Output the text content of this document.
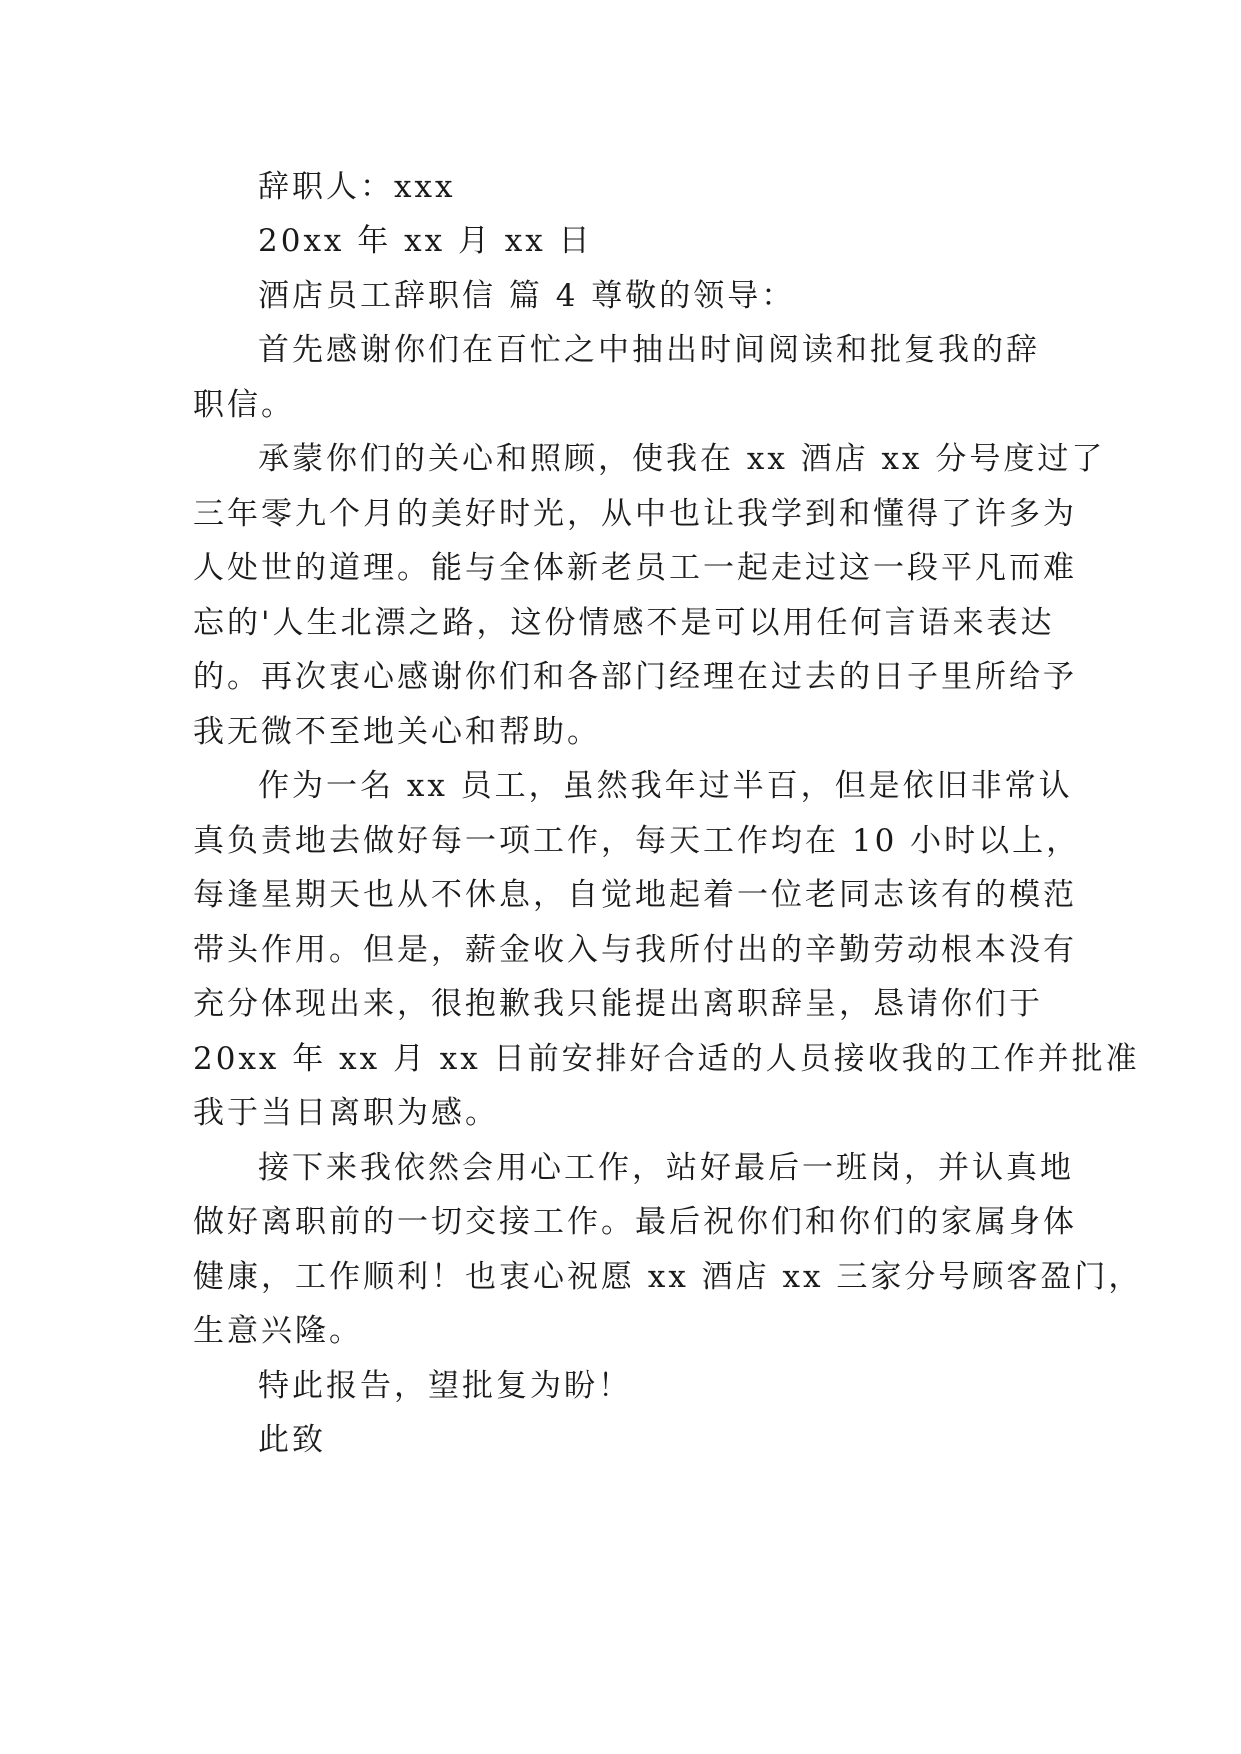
辞职人：xxx
20xx 年 xx 月 xx 日
酒店员工辞职信 篇 4 尊敬的领导：
首先感谢你们在百忙之中抽出时间阅读和批复我的辞
职信。
承蒙你们的关心和照顾，使我在 xx 酒店 xx 分号度过了
三年零九个月的美好时光，从中也让我学到和懂得了许多为
人处世的道理。能与全体新老员工一起走过这一段平凡而难
忘的'人生北漂之路，这份情感不是可以用任何言语来表达
的。再次衷心感谢你们和各部门经理在过去的日子里所给予
我无微不至地关心和帮助。
作为一名 xx 员工，虽然我年过半百，但是依旧非常认
真负责地去做好每一项工作，每天工作均在 10 小时以上，
每逢星期天也从不休息，自觉地起着一位老同志该有的模范
带头作用。但是，薪金收入与我所付出的辛勤劳动根本没有
充分体现出来，很抱歉我只能提出离职辞呈，恳请你们于
20xx 年 xx 月 xx 日前安排好合适的人员接收我的工作并批准
我于当日离职为感。
接下来我依然会用心工作，站好最后一班岗，并认真地
做好离职前的一切交接工作。最后祝你们和你们的家属身体
健康，工作顺利！也衷心祝愿 xx 酒店 xx 三家分号顾客盈门，
生意兴隆。
特此报告，望批复为盼！
此致
